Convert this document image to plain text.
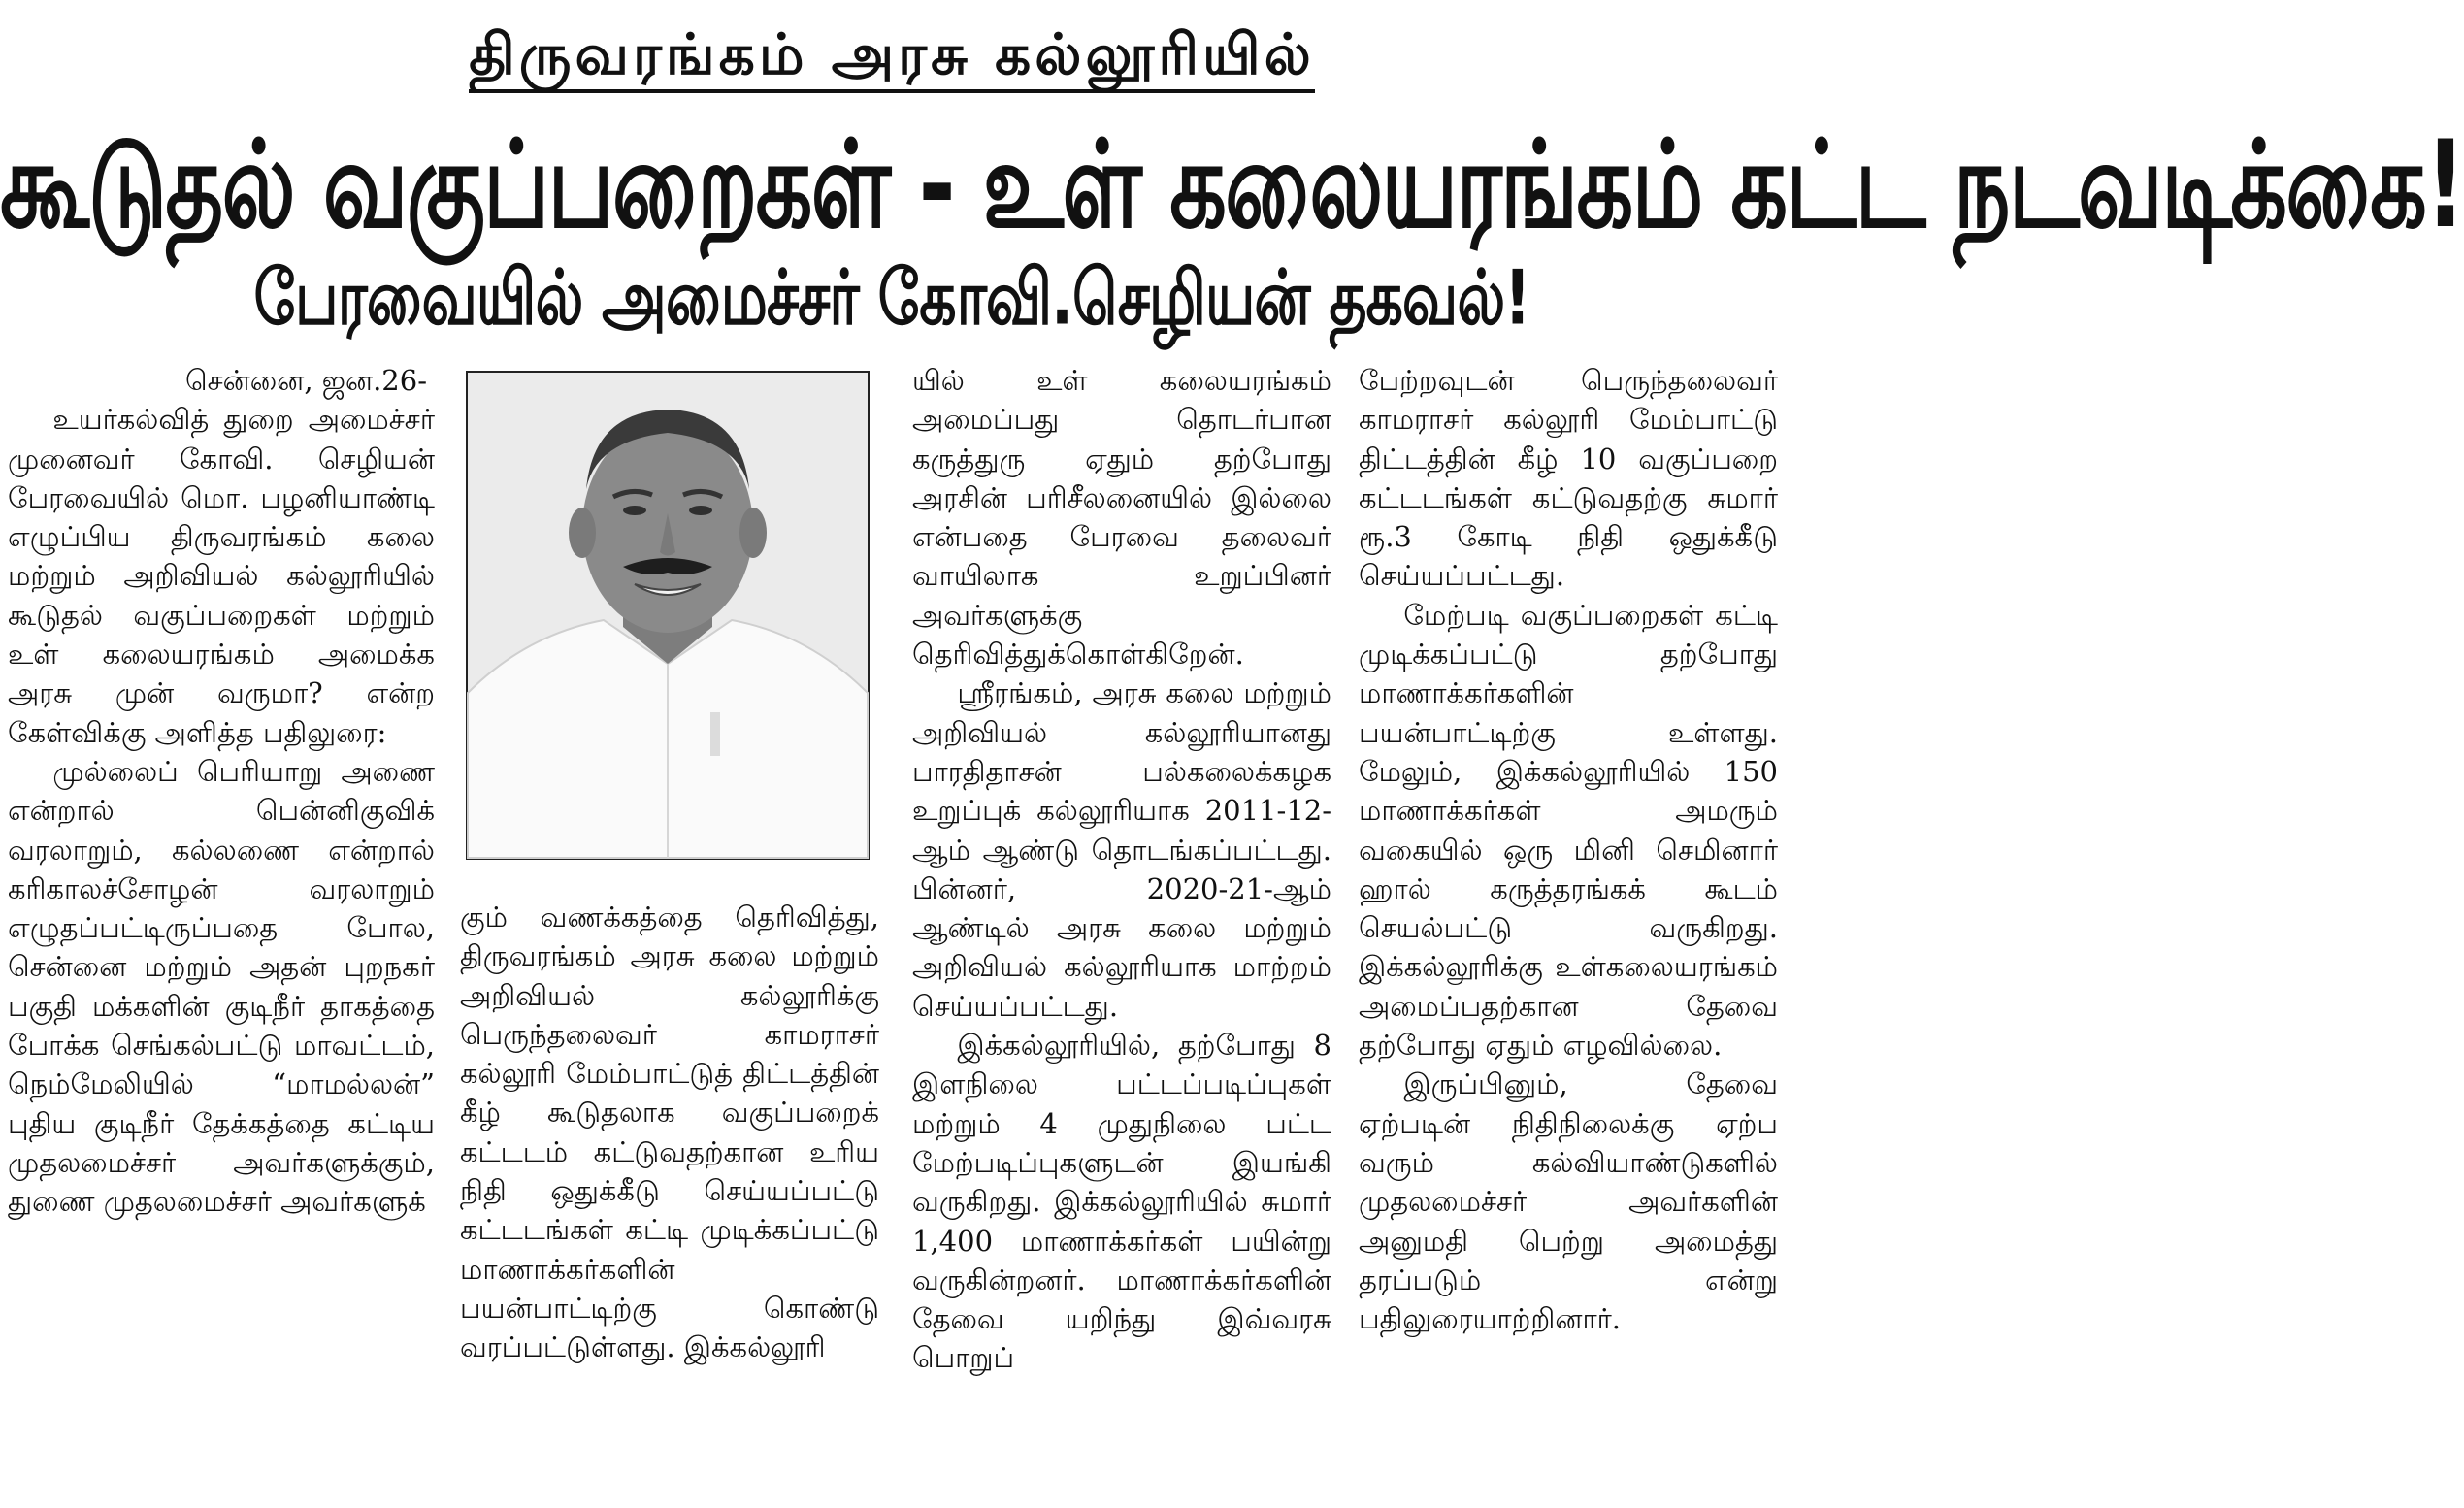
திருவரங்கம் அரசு கல்லூரியில்
கூடுதல் வகுப்பறைகள் - உள் கலையரங்கம் கட்ட நடவடிக்கை!
பேரவையில் அமைச்சர் கோவி.செழியன் தகவல்!

சென்னை, ஜன.26-

உயர்கல்வித் துறை அமைச்சர் முனைவர் கோவி. செழியன் பேரவையில் மொ. பழனியாண்டி எழுப்பிய திருவரங்கம் கலை மற்றும் அறிவியல் கல்லூரியில் கூடுதல் வகுப்பறைகள் மற்றும் உள் கலையரங்கம் அமைக்க அரசு முன் வருமா? என்ற கேள்விக்கு அளித்த பதிலுரை:

முல்லைப் பெரியாறு அணை என்றால் பென்னிகுவிக் வரலாறும், கல்லணை என்றால் கரிகாலச்சோழன் வரலாறும் எழுதப்பட்டிருப்பதை போல, சென்னை மற்றும் அதன் புறநகர் பகுதி மக்களின் குடிநீர் தாகத்தை போக்க செங்கல்பட்டு மாவட்டம், நெம்மேலியில் “மாமல்லன்” புதிய குடிநீர் தேக்கத்தை கட்டிய முதலமைச்சர் அவர்களுக்கும், துணை முதலமைச்சர் அவர்களுக்

கும் வணக்கத்தை தெரிவித்து, திருவரங்கம் அரசு கலை மற்றும் அறிவியல் கல்லூரிக்கு பெருந்தலைவர் காமராசர் கல்லூரி மேம்பாட்டுத் திட்டத்தின் கீழ் கூடுதலாக வகுப்பறைக் கட்டடம் கட்டுவதற்கான உரிய நிதி ஒதுக்கீடு செய்யப்பட்டு கட்டடங்கள் கட்டி முடிக்கப்பட்டு மாணாக்கர்களின் பயன்பாட்டிற்கு கொண்டு வரப்பட்டுள்ளது. இக்கல்லூரி

யில் உள் கலையரங்கம் அமைப்பது தொடர்பான கருத்துரு ஏதும் தற்போது அரசின் பரிசீலனையில் இல்லை என்பதை பேரவை தலைவர் வாயிலாக உறுப்பினர் அவர்களுக்கு தெரிவித்துக்கொள்கிறேன்.

ஸ்ரீரங்கம், அரசு கலை மற்றும் அறிவியல் கல்லூரியானது பாரதிதாசன் பல்கலைக்கழக உறுப்புக் கல்லூரியாக 2011-12-ஆம் ஆண்டு தொடங்கப்பட்டது. பின்னர், 2020-21-ஆம் ஆண்டில் அரசு கலை மற்றும் அறிவியல் கல்லூரியாக மாற்றம் செய்யப்பட்டது.

இக்கல்லூரியில், தற்போது 8 இளநிலை பட்டப்படிப்புகள் மற்றும் 4 முதுநிலை பட்ட மேற்படிப்புகளுடன் இயங்கி வருகிறது. இக்கல்லூரியில் சுமார் 1,400 மாணாக்கர்கள் பயின்று வருகின்றனர். மாணாக்கர்களின் தேவை யறிந்து இவ்வரசு பொறுப்

பேற்றவுடன் பெருந்தலைவர் காமராசர் கல்லூரி மேம்பாட்டு திட்டத்தின் கீழ் 10 வகுப்பறை கட்டடங்கள் கட்டுவதற்கு சுமார் ரூ.3 கோடி நிதி ஒதுக்கீடு செய்யப்பட்டது.

மேற்படி வகுப்பறைகள் கட்டி முடிக்கப்பட்டு தற்போது மாணாக்கர்களின் பயன்பாட்டிற்கு உள்ளது. மேலும், இக்கல்லூரியில் 150 மாணாக்கர்கள் அமரும் வகையில் ஒரு மினி செமினார் ஹால் கருத்தரங்கக் கூடம் செயல்பட்டு வருகிறது. இக்கல்லூரிக்கு உள்கலையரங்கம் அமைப்பதற்கான தேவை தற்போது ஏதும் எழவில்லை.

இருப்பினும், தேவை ஏற்படின் நிதிநிலைக்கு ஏற்ப வரும் கல்வியாண்டுகளில் முதலமைச்சர் அவர்களின் அனுமதி பெற்று அமைத்து தரப்படும் என்று பதிலுரையாற்றினார்.
